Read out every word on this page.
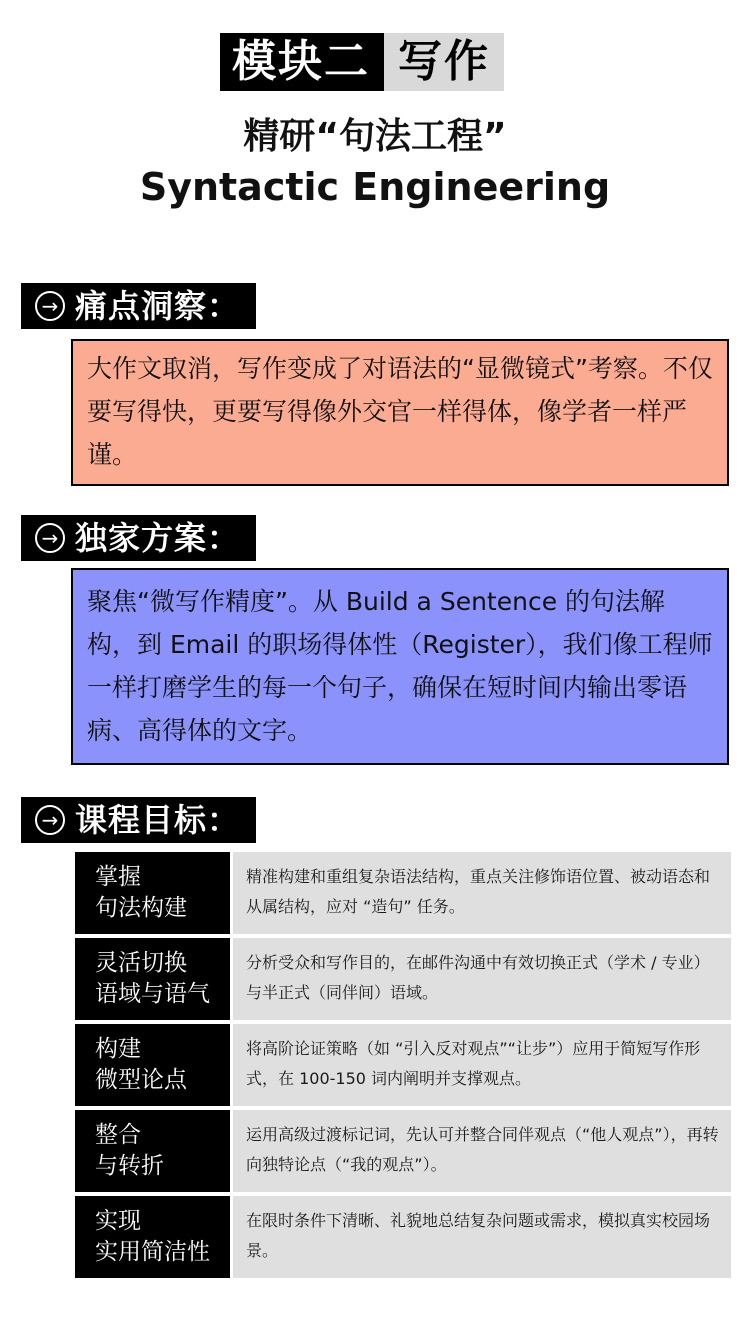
模块二 写作
精研“句法工程”
Syntactic Engineering
→ 痛点洞察：
大作文取消，写作变成了对语法的“显微镜式”考察。不仅要写得快，更要写得像外交官一样得体，像学者一样严谨。
→ 独家方案：
聚焦“微写作精度”。从 Build a Sentence 的句法解构，到 Email 的职场得体性（Register），我们像工程师一样打磨学生的每一个句子，确保在短时间内输出零语病、高得体的文字。
→ 课程目标：
掌握
句法构建
精准构建和重组复杂语法结构，重点关注修饰语位置、被动语态和从属结构，应对 “造句” 任务。
灵活切换
语域与语气
分析受众和写作目的，在邮件沟通中有效切换正式（学术 / 专业）与半正式（同伴间）语域。
构建
微型论点
将高阶论证策略（如 “引入反对观点”“让步”）应用于简短写作形式，在 100-150 词内阐明并支撑观点。
整合
与转折
运用高级过渡标记词，先认可并整合同伴观点（“他人观点”），再转向独特论点（“我的观点”）。
实现
实用简洁性
在限时条件下清晰、礼貌地总结复杂问题或需求，模拟真实校园场景。
